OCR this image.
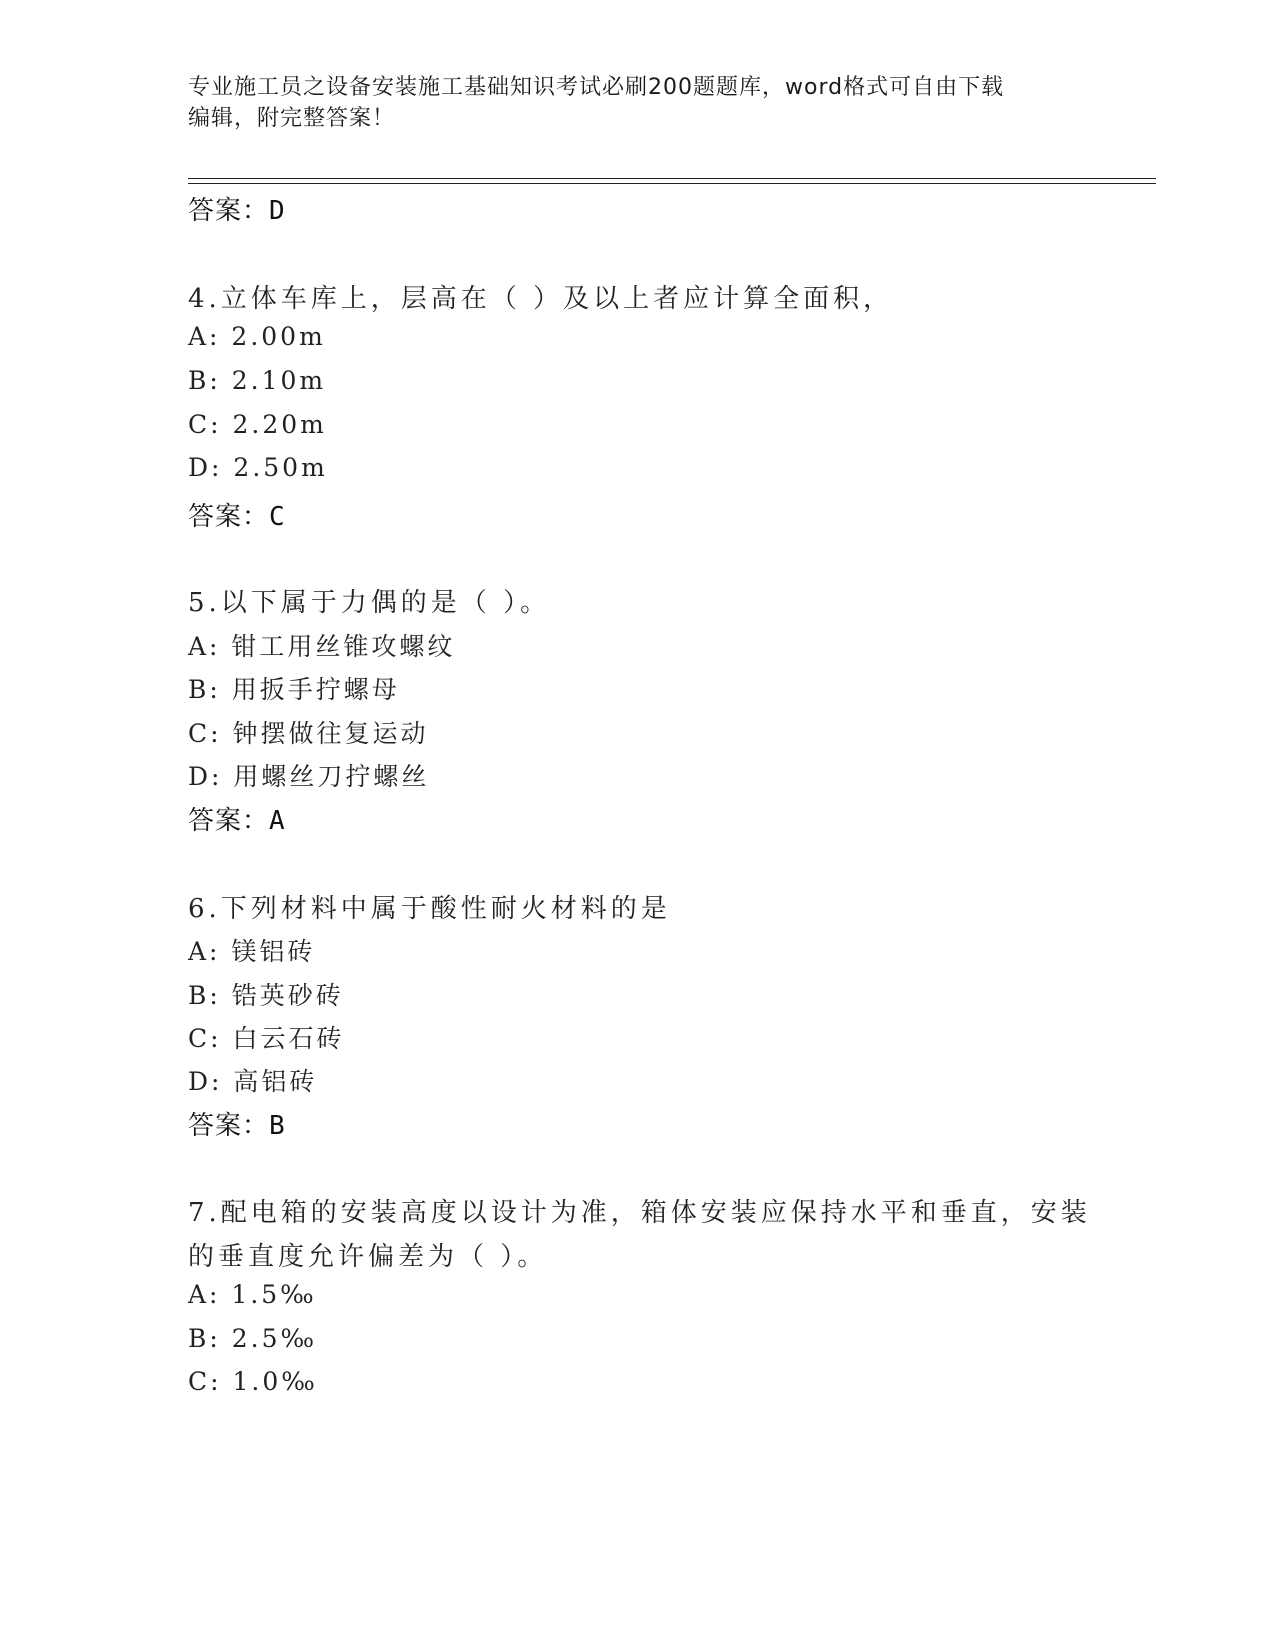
专业施工员之设备安装施工基础知识考试必刷200题题库，word格式可自由下载
编辑，附完整答案！
答案：D
4.立体车库上，层高在（ ）及以上者应计算全面积，
A: 2.00m
B: 2.10m
C: 2.20m
D: 2.50m
答案：C
5.以下属于力偶的是（ ）。
A: 钳工用丝锥攻螺纹
B: 用扳手拧螺母
C: 钟摆做往复运动
D: 用螺丝刀拧螺丝
答案：A
6.下列材料中属于酸性耐火材料的是
A: 镁铝砖
B: 锆英砂砖
C: 白云石砖
D: 高铝砖
答案：B
7.配电箱的安装高度以设计为准，箱体安装应保持水平和垂直，安装
的垂直度允许偏差为（ ）。
A: 1.5‰
B: 2.5‰
C: 1.0‰
